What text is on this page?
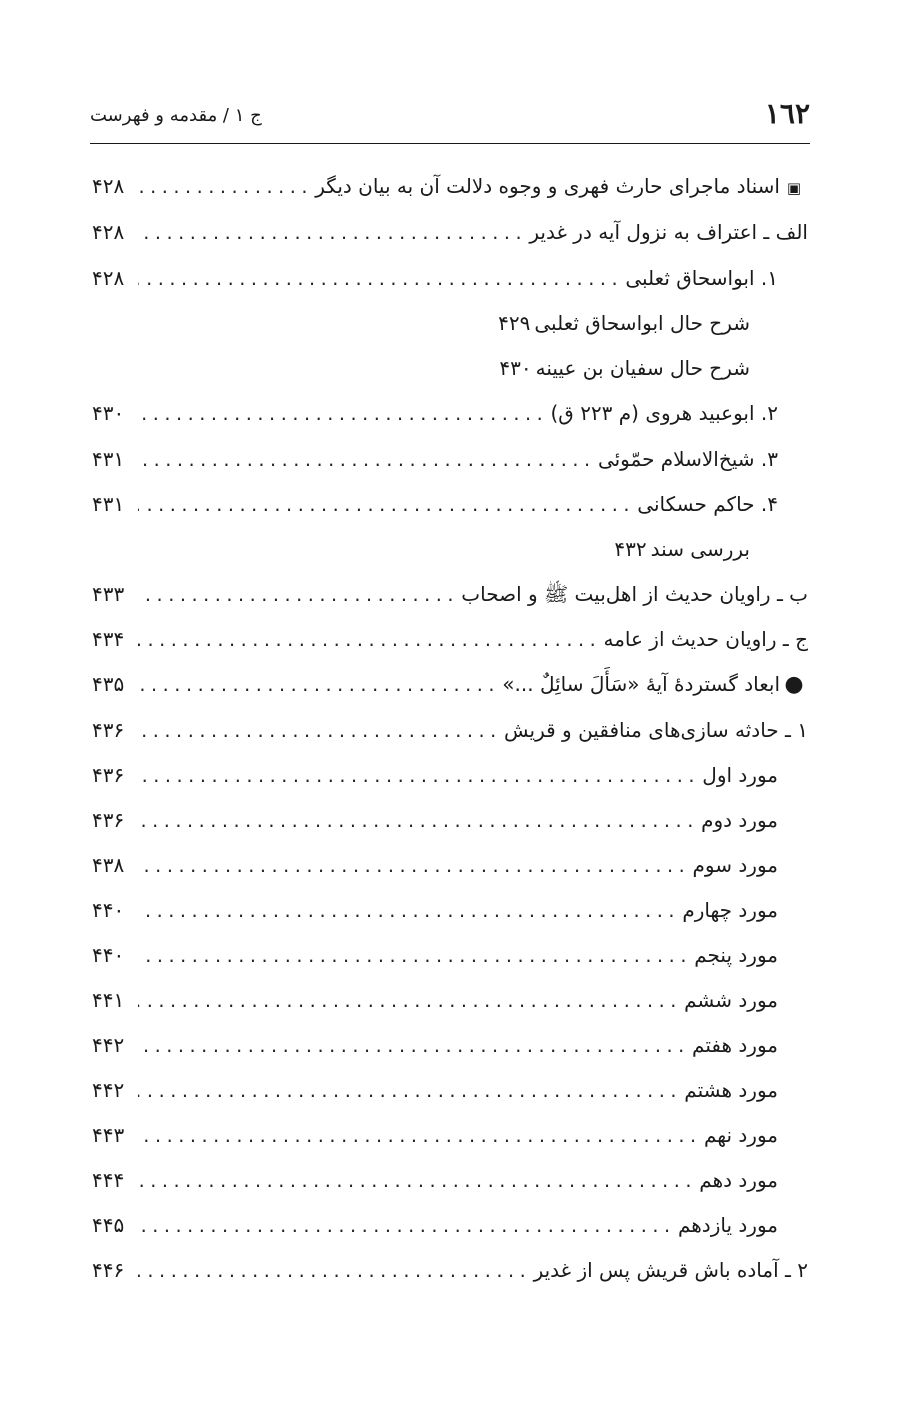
١٦٢
ج ١ / مقدمه و فهرست
▣
اسناد ماجرای حارث فهری و وجوه دلالت آن به بیان دیگر
.....
۴۲۸
الف ـ اعتراف به نزول آیه در غدیر
.....
۴۲۸
١. ابواسحاق ثعلبی
.....
۴۲۸
شرح حال ابواسحاق ثعلبی
۴۲۹
شرح حال سفیان بن عیینه
۴۳۰
٢. ابوعبید هروی (م ٢٢٣ ق)
.....
۴۳۰
٣. شیخ‌الاسلام حمّوئی
.....
۴۳۱
۴. حاکم حسکانی
.....
۴۳۱
بررسی سند
۴۳۲
ب ـ راویان حدیث از اهل‌بیت ﷺ و اصحاب
.....
۴۳۳
ج ـ راویان حدیث از عامه
.....
۴۳۴
●
ابعاد گستردهٔ آیهٔ «سَأَلَ سائِلٌ ...»
.....
۴۳۵
١ ـ حادثه سازی‌های منافقین و قریش
.....
۴۳۶
مورد اول
.....
۴۳۶
مورد دوم
.....
۴۳۶
مورد سوم
.....
۴۳۸
مورد چهارم
.....
۴۴۰
مورد پنجم
.....
۴۴۰
مورد ششم
.....
۴۴۱
مورد هفتم
.....
۴۴۲
مورد هشتم
.....
۴۴۲
مورد نهم
.....
۴۴۳
مورد دهم
.....
۴۴۴
مورد یازدهم
.....
۴۴۵
٢ ـ آماده باش قریش پس از غدیر
.....
۴۴۶
